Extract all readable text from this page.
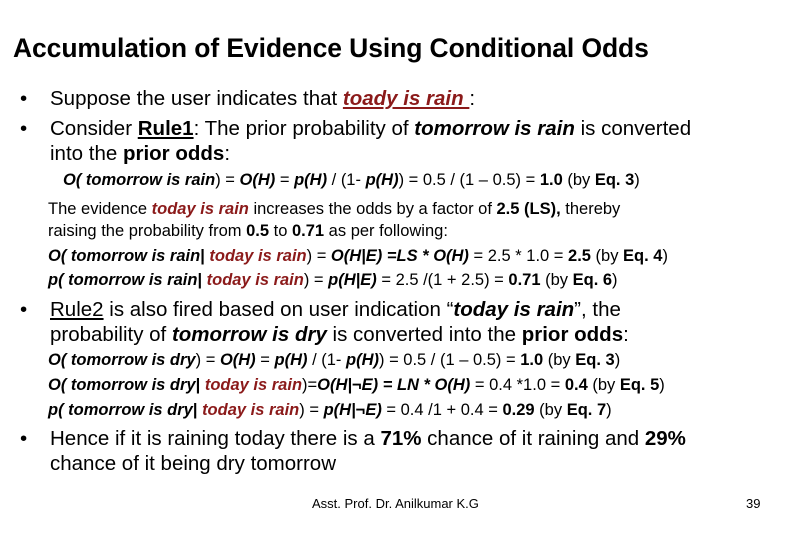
Accumulation of Evidence Using Conditional Odds
• Suppose the user indicates that toady is rain :
• Consider Rule1: The prior probability of tomorrow is rain is converted
into the prior odds:
O( tomorrow is rain) = O(H) = p(H) / (1- p(H)) = 0.5 / (1 – 0.5) = 1.0 (by Eq. 3)
The evidence today is rain increases the odds by a factor of 2.5 (LS), thereby
raising the probability from 0.5 to 0.71 as per following:
O( tomorrow is rain| today is rain) = O(H|E) =LS * O(H) = 2.5 * 1.0 = 2.5 (by Eq. 4)
p( tomorrow is rain| today is rain) = p(H|E) = 2.5 /(1 + 2.5) = 0.71 (by Eq. 6)
• Rule2 is also fired based on user indication “today is rain”, the
probability of tomorrow is dry is converted into the prior odds:
O( tomorrow is dry) = O(H) = p(H) / (1- p(H)) = 0.5 / (1 – 0.5) = 1.0 (by Eq. 3)
O( tomorrow is dry| today is rain)=O(H|¬E) = LN * O(H) = 0.4 *1.0 = 0.4 (by Eq. 5)
p( tomorrow is dry| today is rain) = p(H|¬E) = 0.4 /1 + 0.4 = 0.29 (by Eq. 7)
• Hence if it is raining today there is a 71% chance of it raining and 29%
chance of it being dry tomorrow
Asst. Prof. Dr. Anilkumar K.G	39
